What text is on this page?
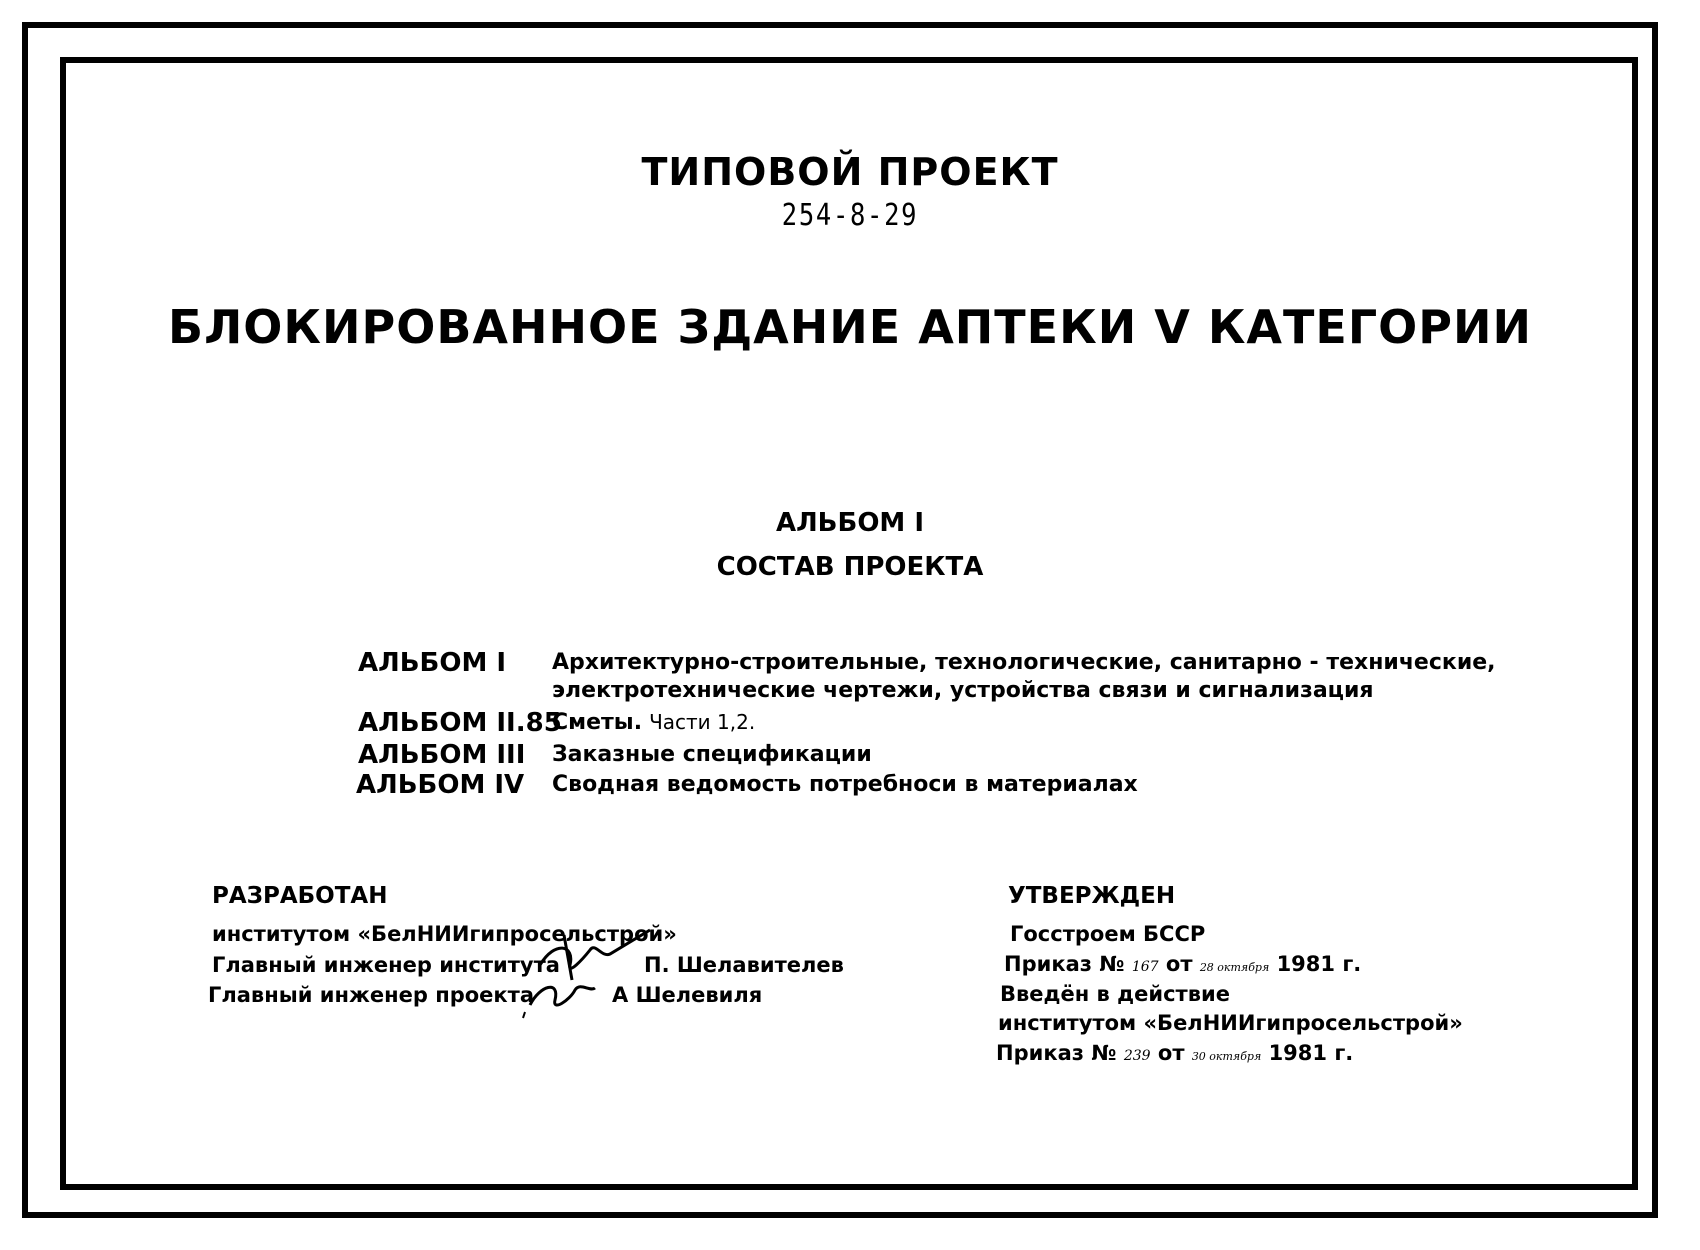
ТИПОВОЙ ПРОЕКТ
254-8-29
БЛОКИРОВАННОЕ ЗДАНИЕ АПТЕКИ V КАТЕГОРИИ
АЛЬБОМ I
СОСТАВ ПРОЕКТА
АЛЬБОМ I Архитектурно-строительные, технологические, санитарно - технические,
электротехнические чертежи, устройства связи и сигнализация
АЛЬБОМ II.85
Сметы. Части 1,2.
АЛЬБОМ III Заказные спецификации
АЛЬБОМ IV Сводная ведомость потребноси в материалах
РАЗРАБОТАН
институтом «БелНИИгипросельстрой»
Главный инженер института	П. Шелавителев
Главный инженер проекта	А Шелевиля
УТВЕРЖДЕН
Госстроем БССР
Приказ № 167 от 28 октября 1981 г.
Введён в действие
институтом «БелНИИгипросельстрой»
Приказ № 239 от 30 октября 1981 г.
